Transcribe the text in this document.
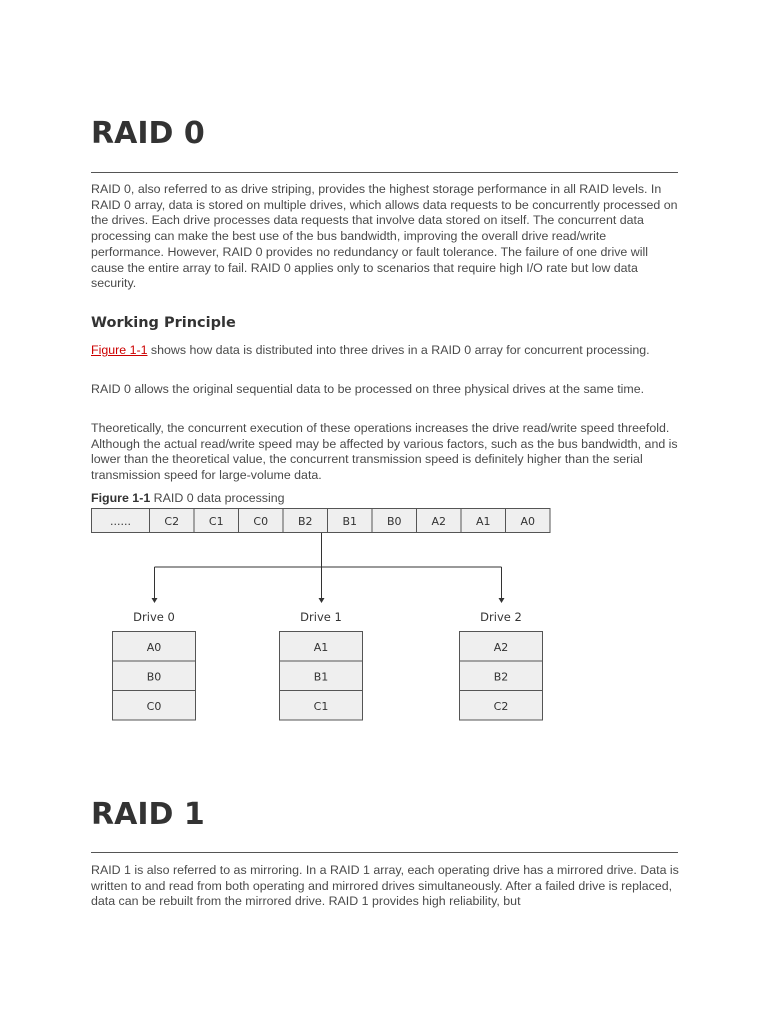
RAID 0

RAID 0, also referred to as drive striping, provides the highest storage performance in all RAID levels. In RAID 0 array, data is stored on multiple drives, which allows data requests to be concurrently processed on the drives. Each drive processes data requests that involve data stored on itself. The concurrent data processing can make the best use of the bus bandwidth, improving the overall drive read/write performance. However, RAID 0 provides no redundancy or fault tolerance. The failure of one drive will cause the entire array to fail. RAID 0 applies only to scenarios that require high I/O rate but low data security.

Working Principle

Figure 1-1 shows how data is distributed into three drives in a RAID 0 array for concurrent processing.

RAID 0 allows the original sequential data to be processed on three physical drives at the same time.

Theoretically, the concurrent execution of these operations increases the drive read/write speed threefold. Although the actual read/write speed may be affected by various factors, such as the bus bandwidth, and is lower than the theoretical value, the concurrent transmission speed is definitely higher than the serial transmission speed for large-volume data.

Figure 1-1 RAID 0 data processing
......	C2	C1	C0	B2	B1	B0	A2	A1	A0
Drive 0
A0
B0
C0
Drive 1
A1
B1
C1
Drive 2
A2
B2
C2
RAID 1

RAID 1 is also referred to as mirroring. In a RAID 1 array, each operating drive has a mirrored drive. Data is written to and read from both operating and mirrored drives simultaneously. After a failed drive is replaced, data can be rebuilt from the mirrored drive. RAID 1 provides high reliability, but
